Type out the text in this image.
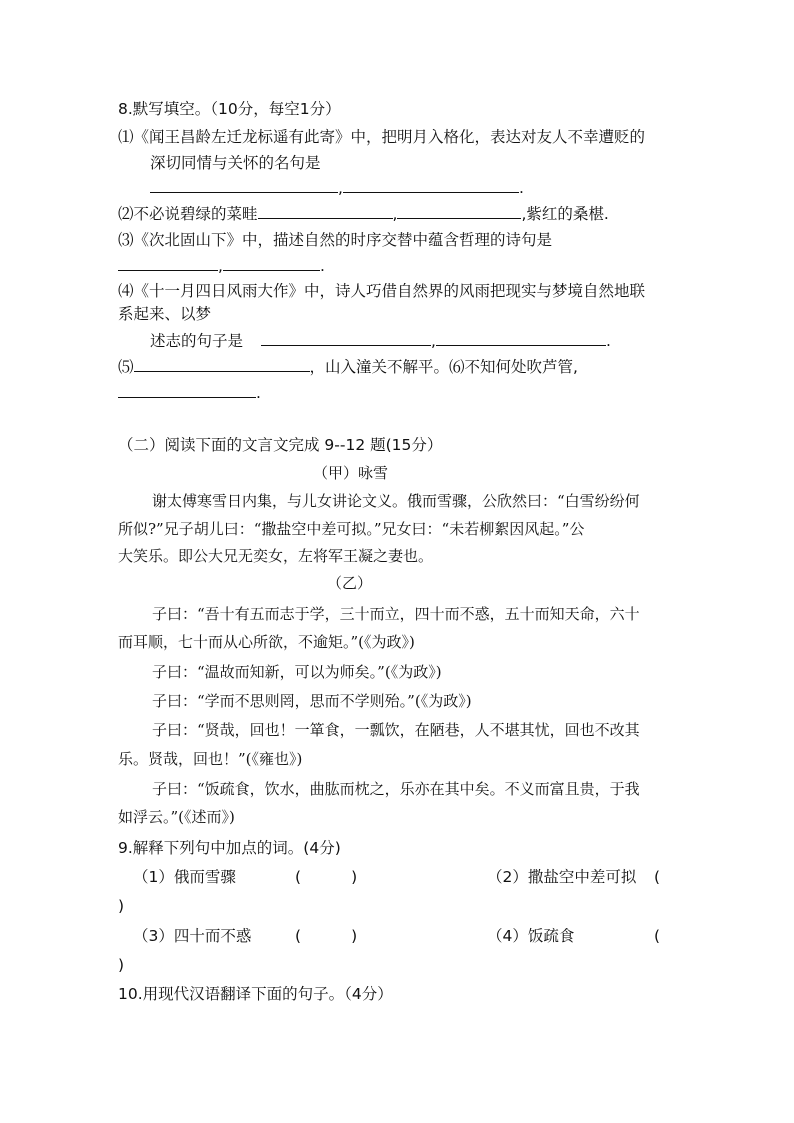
8.默写填空。（10分，每空1分）
⑴《闻王昌龄左迁龙标遥有此寄》中，把明月入格化，表达对友人不幸遭贬的
深切同情与关怀的名句是
,	.
⑵不必说碧绿的菜畦	,	,紫红的桑椹.
⑶《次北固山下》中，描述自然的时序交替中蕴含哲理的诗句是
,	.
⑷《十一月四日风雨大作》中，诗人巧借自然界的风雨把现实与梦境自然地联
系起来、以梦
述志的句子是	,	.
⑸	，山入潼关不解平。⑹不知何处吹芦管,
.
（二）阅读下面的文言文完成 9--12 题(15分）
（甲）咏雪
谢太傅寒雪日内集，与儿女讲论文义。俄而雪骤，公欣然曰：“白雪纷纷何
所似?”兄子胡儿曰：“撒盐空中差可拟。”兄女曰：“未若柳絮因风起。”公
大笑乐。即公大兄无奕女，左将军王凝之妻也。
（乙）
子曰：“吾十有五而志于学，三十而立，四十而不惑，五十而知天命，六十
而耳顺，七十而从心所欲，不逾矩。”(《为政》)
子曰：“温故而知新，可以为师矣。”(《为政》)
子曰：“学而不思则罔，思而不学则殆。”(《为政》)
子曰：“贤哉，回也！一箪食，一瓢饮，在陋巷，人不堪其忧，回也不改其
乐。贤哉，回也！”(《雍也》)
子曰：“饭疏食，饮水，曲肱而枕之，乐亦在其中矣。不义而富且贵，于我
如浮云。”(《述而》)
9.解释下列句中加点的词。(4分)
（1）俄而雪骤	(	)	（2）撒盐空中差可拟 (
)
（3）四十而不惑	(	)	（4）饭疏食	(
)
10.用现代汉语翻译下面的句子。（4分）
